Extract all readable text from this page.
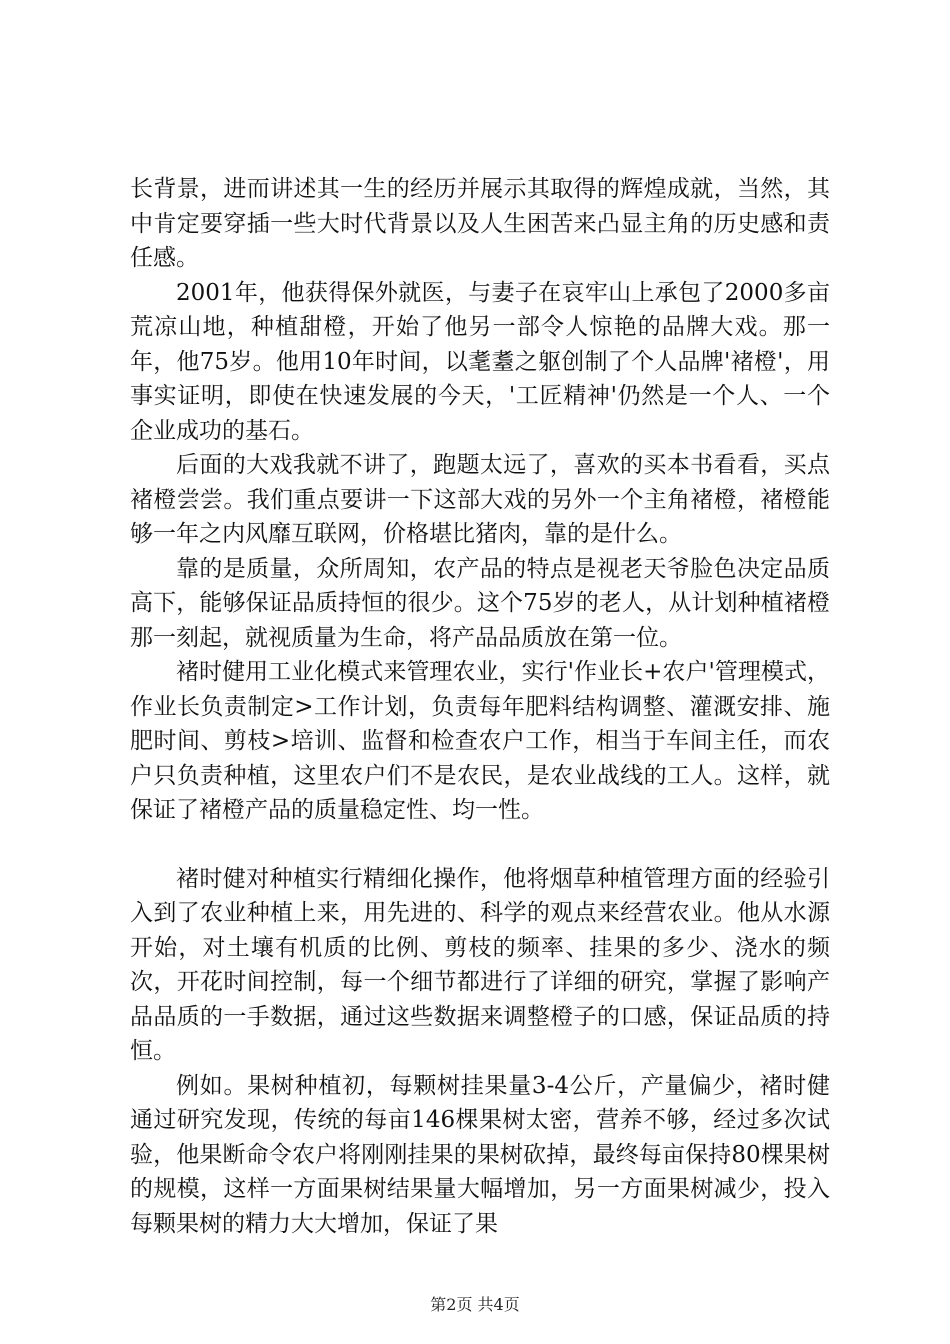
长背景，进而讲述其一生的经历并展示其取得的辉煌成就，当然，其中肯定要穿插一些大时代背景以及人生困苦来凸显主角的历史感和责任感。

2001年，他获得保外就医，与妻子在哀牢山上承包了2000多亩荒凉山地，种植甜橙，开始了他另一部令人惊艳的品牌大戏。那一年，他75岁。他用10年时间，以耄耋之躯创制了个人品牌'褚橙'，用事实证明，即使在快速发展的今天，'工匠精神'仍然是一个人、一个企业成功的基石。

后面的大戏我就不讲了，跑题太远了，喜欢的买本书看看，买点褚橙尝尝。我们重点要讲一下这部大戏的另外一个主角褚橙，褚橙能够一年之内风靡互联网，价格堪比猪肉，靠的是什么。

靠的是质量，众所周知，农产品的特点是视老天爷脸色决定品质高下，能够保证品质持恒的很少。这个75岁的老人，从计划种植褚橙那一刻起，就视质量为生命，将产品品质放在第一位。

褚时健用工业化模式来管理农业，实行'作业长+农户'管理模式，作业长负责制定>工作计划，负责每年肥料结构调整、灌溉安排、施肥时间、剪枝>培训、监督和检查农户工作，相当于车间主任，而农户只负责种植，这里农户们不是农民，是农业战线的工人。这样，就保证了褚橙产品的质量稳定性、均一性。

褚时健对种植实行精细化操作，他将烟草种植管理方面的经验引入到了农业种植上来，用先进的、科学的观点来经营农业。他从水源开始，对土壤有机质的比例、剪枝的频率、挂果的多少、浇水的频次，开花时间控制，每一个细节都进行了详细的研究，掌握了影响产品品质的一手数据，通过这些数据来调整橙子的口感，保证品质的持恒。

例如。果树种植初，每颗树挂果量3-4公斤，产量偏少，褚时健通过研究发现，传统的每亩146棵果树太密，营养不够，经过多次试验，他果断命令农户将刚刚挂果的果树砍掉，最终每亩保持80棵果树的规模，这样一方面果树结果量大幅增加，另一方面果树减少，投入每颗果树的精力大大增加，保证了果

第2页 共4页
